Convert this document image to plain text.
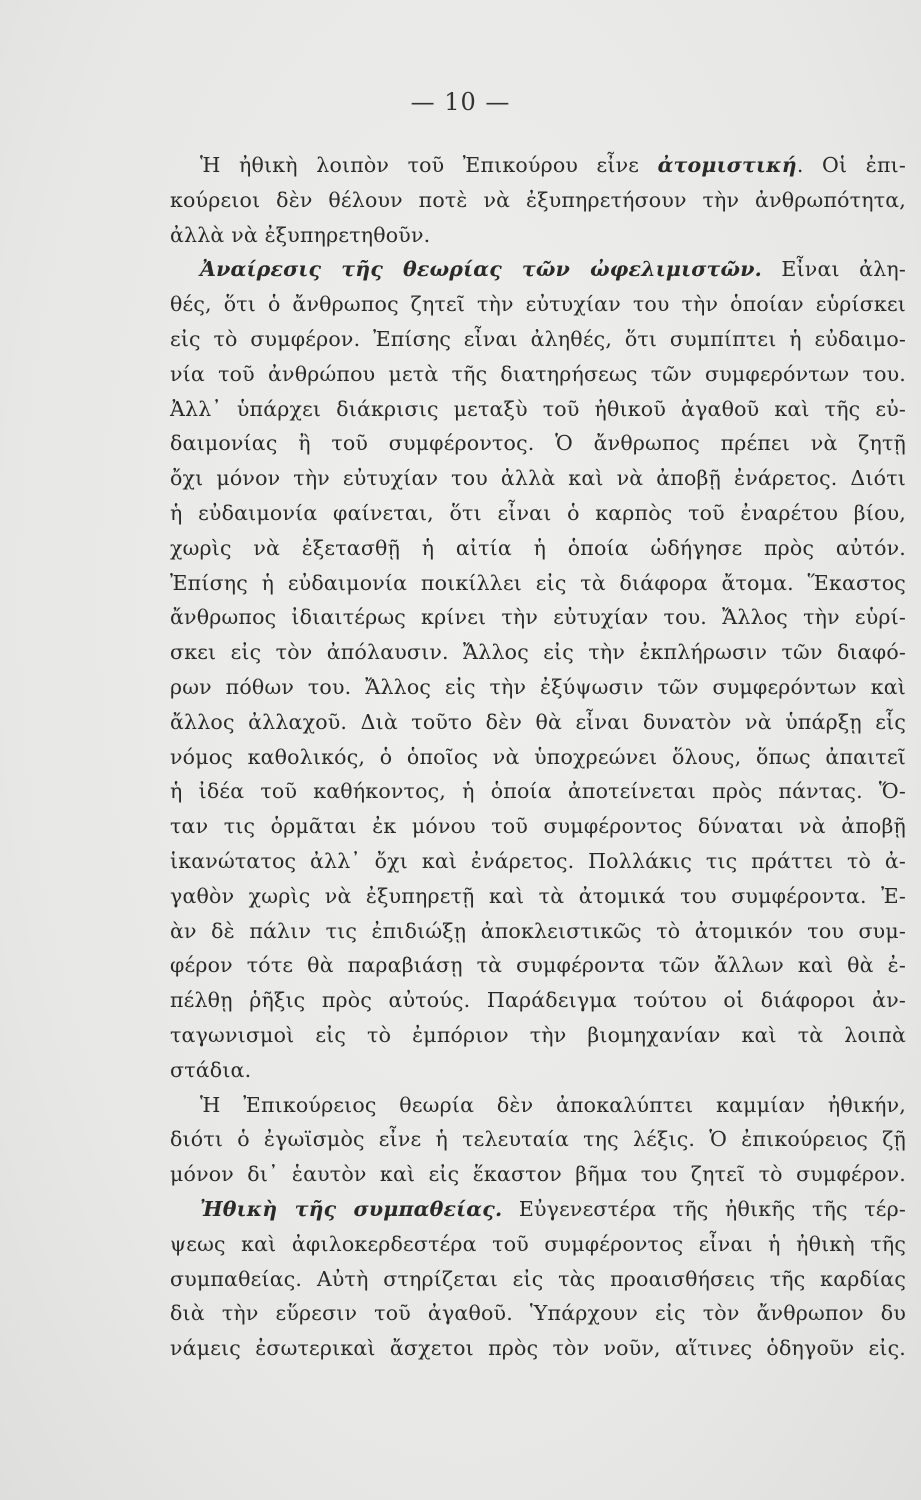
— 10 —
Ἡ ἠθικὴ λοιπὸν τοῦ Ἐπικούρου εἶνε ἀτομιστική. Οἱ ἐπι-
κούρειοι δὲν θέλουν ποτὲ νὰ ἐξυπηρετήσουν τὴν ἀνθρωπότητα,
ἀλλὰ νὰ ἐξυπηρετηθοῦν.
Ἀναίρεσις τῆς θεωρίας τῶν ὠφελιμιστῶν. Εἶναι ἀλη-
θές, ὅτι ὁ ἄνθρωπος ζητεῖ τὴν εὐτυχίαν του τὴν ὁποίαν εὑρίσκει
εἰς τὸ συμφέρον. Ἐπίσης εἶναι ἀληθές, ὅτι συμπίπτει ἡ εὐδαιμο-
νία τοῦ ἀνθρώπου μετὰ τῆς διατηρήσεως τῶν συμφερόντων του.
Ἀλλ᾿ ὑπάρχει διάκρισις μεταξὺ τοῦ ἠθικοῦ ἀγαθοῦ καὶ τῆς εὐ-
δαιμονίας ἢ τοῦ συμφέροντος. Ὁ ἄνθρωπος πρέπει νὰ ζητῇ
ὄχι μόνον τὴν εὐτυχίαν του ἀλλὰ καὶ νὰ ἀποβῇ ἐνάρετος. Διότι
ἡ εὐδαιμονία φαίνεται, ὅτι εἶναι ὁ καρπὸς τοῦ ἐναρέτου βίου,
χωρὶς νὰ ἐξετασθῇ ἡ αἰτία ἡ ὁποία ὡδήγησε πρὸς αὐτόν.
Ἐπίσης ἡ εὐδαιμονία ποικίλλει εἰς τὰ διάφορα ἄτομα. Ἕκαστος
ἄνθρωπος ἰδιαιτέρως κρίνει τὴν εὐτυχίαν του. Ἄλλος τὴν εὑρί-
σκει εἰς τὸν ἀπόλαυσιν. Ἄλλος εἰς τὴν ἐκπλήρωσιν τῶν διαφό-
ρων πόθων του. Ἄλλος εἰς τὴν ἐξύψωσιν τῶν συμφερόντων καὶ
ἄλλος ἀλλαχοῦ. Διὰ τοῦτο δὲν θὰ εἶναι δυνατὸν νὰ ὑπάρξῃ εἷς
νόμος καθολικός, ὁ ὁποῖος νὰ ὑποχρεώνει ὅλους, ὅπως ἀπαιτεῖ
ἡ ἰδέα τοῦ καθήκοντος, ἡ ὁποία ἀποτείνεται πρὸς πάντας. Ὅ-
ταν τις ὁρμᾶται ἐκ μόνου τοῦ συμφέροντος δύναται νὰ ἀποβῇ
ἱκανώτατος ἀλλ᾿ ὄχι καὶ ἐνάρετος. Πολλάκις τις πράττει τὸ ἀ-
γαθὸν χωρὶς νὰ ἐξυπηρετῇ καὶ τὰ ἀτομικά του συμφέροντα. Ἐ-
ὰν δὲ πάλιν τις ἐπιδιώξῃ ἀποκλειστικῶς τὸ ἀτομικόν του συμ-
φέρον τότε θὰ παραβιάσῃ τὰ συμφέροντα τῶν ἄλλων καὶ θὰ ἐ-
πέλθῃ ῥῆξις πρὸς αὐτούς. Παράδειγμα τούτου οἱ διάφοροι ἀν-
ταγωνισμοὶ εἰς τὸ ἐμπόριον τὴν βιομηχανίαν καὶ τὰ λοιπὰ
στάδια.
Ἡ Ἐπικούρειος θεωρία δὲν ἀποκαλύπτει καμμίαν ἠθικήν,
διότι ὁ ἐγωϊσμὸς εἶνε ἡ τελευταία της λέξις. Ὁ ἐπικούρειος ζῇ
μόνον δι᾿ ἑαυτὸν καὶ εἰς ἕκαστον βῆμα του ζητεῖ τὸ συμφέρον.
Ἠθικὴ τῆς συμπαθείας. Εὐγενεστέρα τῆς ἠθικῆς τῆς τέρ-
ψεως καὶ ἀφιλοκερδεστέρα τοῦ συμφέροντος εἶναι ἡ ἠθικὴ τῆς
συμπαθείας. Αὐτὴ στηρίζεται εἰς τὰς προαισθήσεις τῆς καρδίας
διὰ τὴν εὕρεσιν τοῦ ἀγαθοῦ. Ὑπάρχουν εἰς τὸν ἄνθρωπον δυ
νάμεις ἐσωτερικαὶ ἄσχετοι πρὸς τὸν νοῦν, αἵτινες ὁδηγοῦν εἰς.
